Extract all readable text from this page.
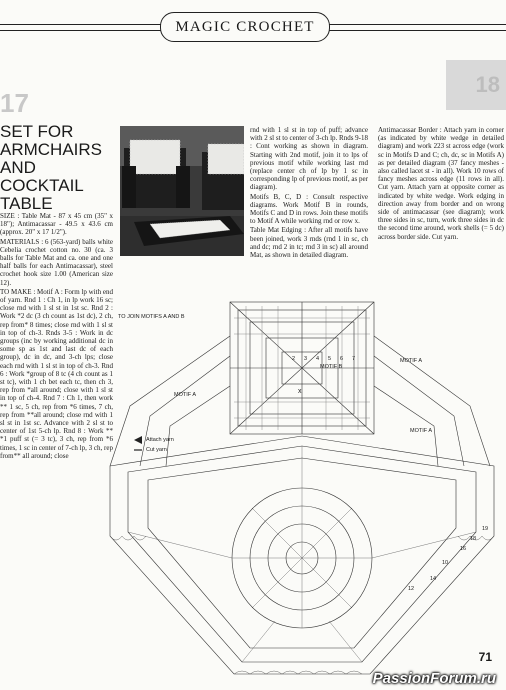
MAGIC CROCHET
18
17
SET FOR
ARMCHAIRS
AND
COCKTAIL
TABLE

SIZE : Table Mat - 87 x 45 cm (35" x 18"); Antimacassar - 49.5 x 43.6 cm (approx. 20" x 17 1/2").

MATERIALS : 6 (563-yard) balls white Cebelia crochet cotton no. 30 (ca. 3 balls for Table Mat and ca. one and one half balls for each Antimacassar), steel crochet hook size 1.00 (American size 12).

TO MAKE : Motif A : Form lp with end of yarn. Rnd 1 : Ch 1, in lp work 16 sc; close rnd with 1 sl st in 1st sc. Rnd 2 : Work *2 dc (3 ch count as 1st dc), 2 ch, rep from* 8 times; close rnd with 1 sl st in top of ch-3. Rnds 3-5 : Work in dc groups (inc by working additional dc in some sp as 1st and last dc of each group), dc in dc, and 3-ch lps; close each rnd with 1 sl st in top of ch-3. Rnd 6 : Work *group of 8 tc (4 ch count as 1 st tc), with 1 ch bet each tc, then ch 3, rep from *all around; close with 1 sl st in top of ch-4. Rnd 7 : Ch 1, then work ** 1 sc, 5 ch, rep from *6 times, 7 ch, rep from **all around; close rnd with 1 sl st in 1st sc. Advance with 2 sl st to center of 1st 5-ch lp. Rnd 8 : Work ** *1 puff st (= 3 tc), 3 ch, rep from *6 times, 1 sc in center of 7-ch lp, 3 ch, rep from** all around; close

rnd with 1 sl st in top of puff; advance with 2 sl st to center of 3-ch lp. Rnds 9-18 : Cont working as shown in diagram. Starting with 2nd motif, join it to lps of previous motif while working last rnd (replace center ch of lp by 1 sc in corresponding lp of previous motif, as per diagram).

Motifs B, C, D : Consult respective diagrams. Work Motif B in rounds, Motifs C and D in rows. Join these motifs to Motif A while working rnd or row x.

Table Mat Edging : After all motifs have been joined, work 3 rnds (rnd 1 in sc, ch and dc; rnd 2 in tc; rnd 3 in sc) all around Mat, as shown in detailed diagram.

Antimacassar Border : Attach yarn in corner (as indicated by white wedge in detailed diagram) and work 223 st across edge (work sc in Motifs D and C; ch, dc, sc in Motifs A) as per detailed diagram (37 fancy meshes - also called lacet st - in all). Work 10 rows of fancy meshes across edge (11 rows in all). Cut yarn. Attach yarn at opposite corner as indicated by white wedge. Work edging in direction away from border and on wrong side of antimacassar (see diagram); work three sides in sc, turn, work three sides in dc the second time around, work shells (= 5 dc) across border side. Cut yarn.

TO JOIN MOTIFS A AND B
MOTIF A
MOTIF A
MOTIF A
MOTIF B
x
2 3 4 5 6 7
10
12
14
16
18
19
Attach yarn
Cut yarn
71
PassionForum.ru
